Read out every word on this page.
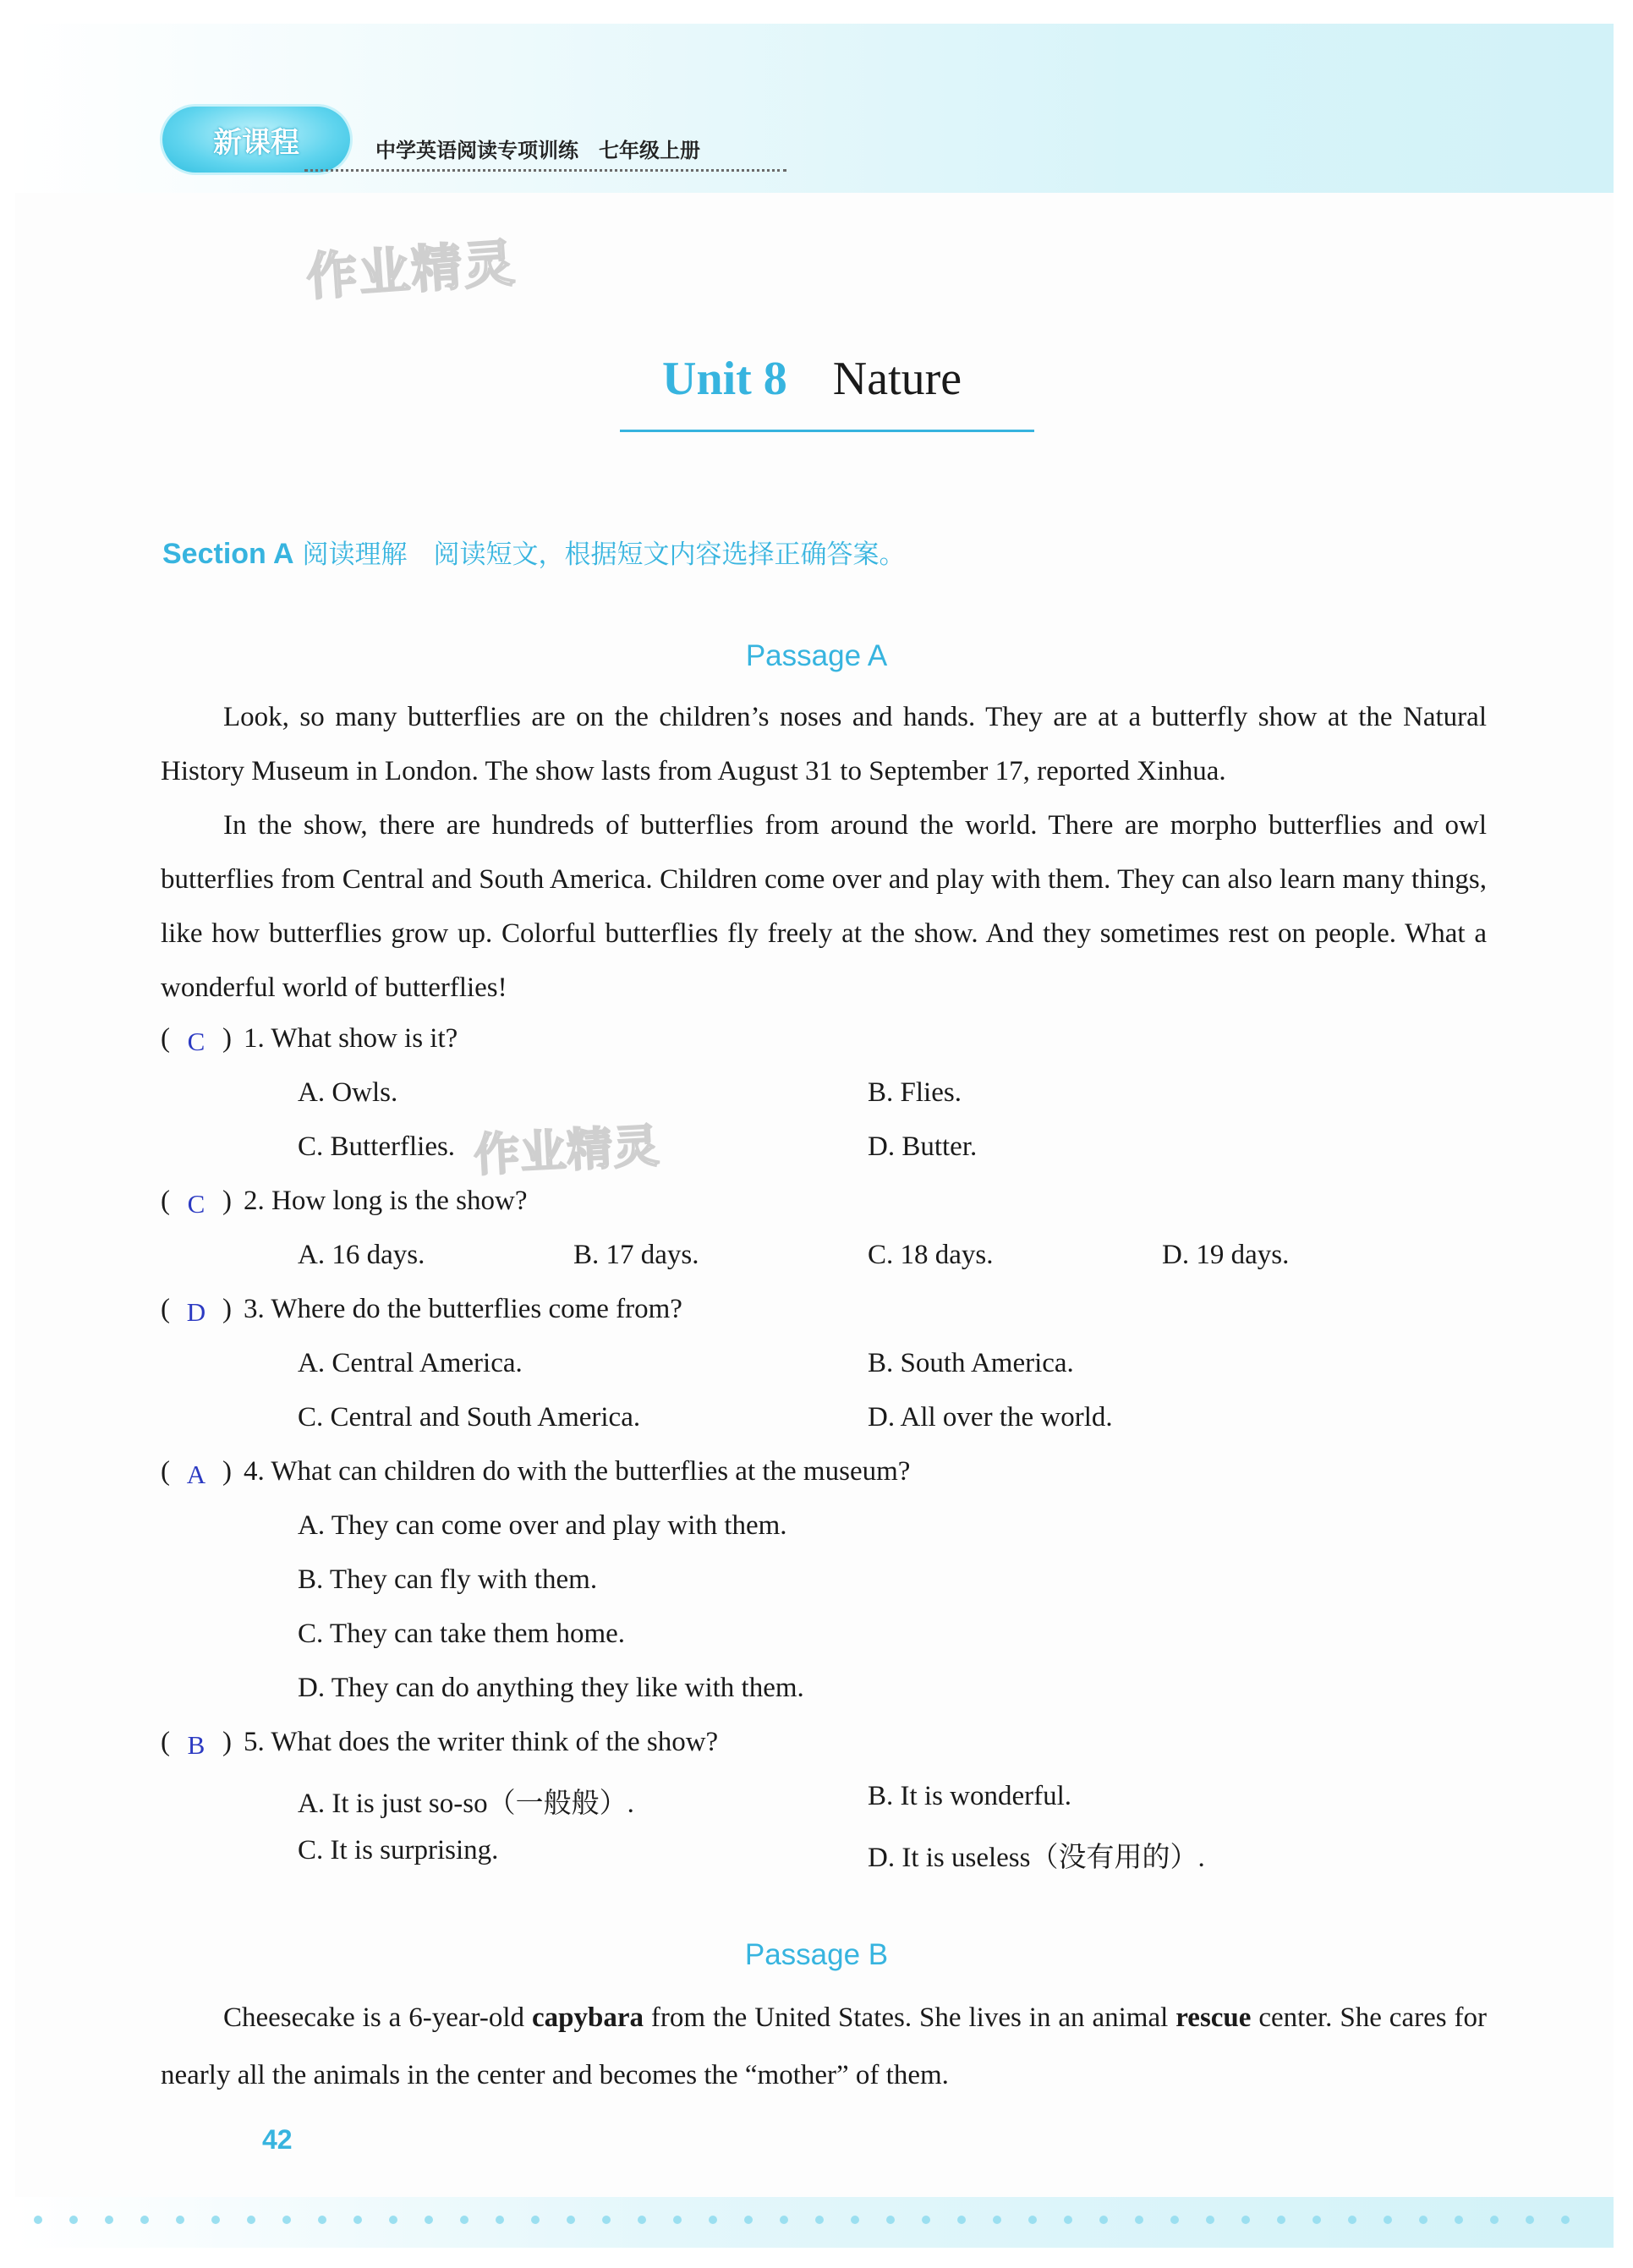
新课程	中学英语阅读专项训练　七年级上册
作业精灵
Unit 8 Nature
Section A 阅读理解　阅读短文，根据短文内容选择正确答案。
Passage A

Look, so many butterflies are on the children’s noses and hands. They are at a butterfly show at the Natural History Museum in London. The show lasts from August 31 to September 17, reported Xinhua.

In the show, there are hundreds of butterflies from around the world. There are morpho butterflies and owl butterflies from Central and South America. Children come over and play with them. They can also learn many things, like how butterflies grow up. Colorful butterflies fly freely at the show. And they sometimes rest on people. What a wonderful world of butterflies!

( C ) 1. What show is it?
A. Owls.	B. Flies.
C. Butterflies.	D. Butter.
作业精灵
( C ) 2. How long is the show?
A. 16 days.	B. 17 days.	C. 18 days.	D. 19 days.
( D ) 3. Where do the butterflies come from?
A. Central America.	B. South America.
C. Central and South America.	D. All over the world.
( A ) 4. What can children do with the butterflies at the museum?
A. They can come over and play with them.
B. They can fly with them.
C. They can take them home.
D. They can do anything they like with them.
( B ) 5. What does the writer think of the show?
A. It is just so-so（一般般）.	B. It is wonderful.
C. It is surprising.	D. It is useless（没有用的）.
Passage B

Cheesecake is a 6-year-old capybara from the United States. She lives in an animal rescue center. She cares for nearly all the animals in the center and becomes the “mother” of them.

42
